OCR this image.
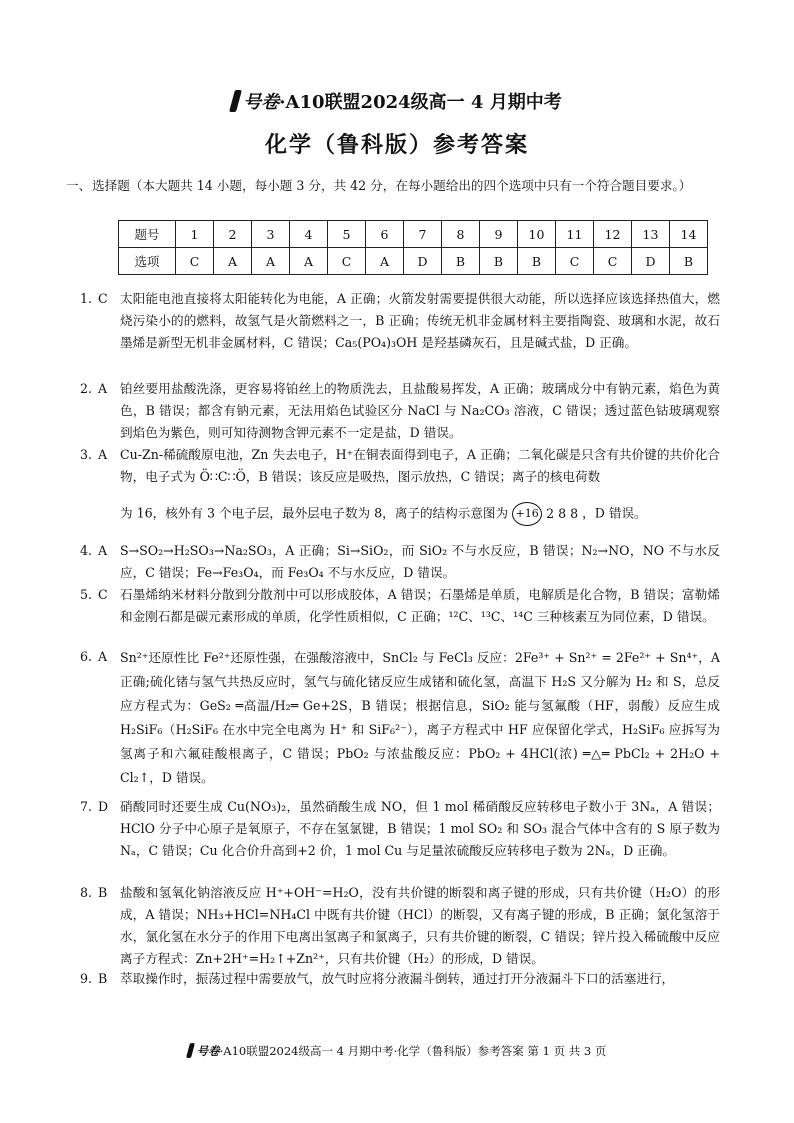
号卷·A10联盟2024级高一 4 月期中考
化学（鲁科版）参考答案
一、 选择题（本大题共 14 小题，每小题 3 分，共 42 分，在每小题给出的四个选项中只有一个符合题目要求。）
题号	1	2	3	4	5	6	7	8	9	10	11	12	13	14
选项	C	A	A	A	C	A	D	B	B	B	C	C	D	B
1. C 太阳能电池直接将太阳能转化为电能，A 正确；火箭发射需要提供很大动能，所以选择应该选择热值大，燃烧污染小的的燃料，故氢气是火箭燃料之一，B 正确；传统无机非金属材料主要指陶瓷、玻璃和水泥，故石墨烯是新型无机非金属材料，C 错误；Ca₅(PO₄)₃OH 是羟基磷灰石，且是碱式盐，D 正确。
2. A 铂丝要用盐酸洗涤，更容易将铂丝上的物质洗去，且盐酸易挥发，A 正确；玻璃成分中有钠元素，焰色为黄色，B 错误；都含有钠元素，无法用焰色试验区分 NaCl 与 Na₂CO₃ 溶液，C 错误；透过蓝色钴玻璃观察到焰色为紫色，则可知待测物含钾元素不一定是盐，D 错误。
3. A Cu-Zn-稀硫酸原电池，Zn 失去电子，H⁺在铜表面得到电子，A 正确；二氧化碳是只含有共价键的共价化合物，电子式为 Ö∷C∷Ö，B 错误；该反应是吸热，图示放热，C 错误；离子的核电荷数
为 16，核外有 3 个电子层，最外层电子数为 8，离子的结构示意图为 +16
2 8 8 ，D 错误。
4. A S→SO₂→H₂SO₃→Na₂SO₃，A 正确；Si→SiO₂，而 SiO₂ 不与水反应，B 错误；N₂→NO，NO 不与水反应，C 错误；Fe→Fe₃O₄，而 Fe₃O₄ 不与水反应，D 错误。
5. C 石墨烯纳米材料分散到分散剂中可以形成胶体，A 错误；石墨烯是单质，电解质是化合物，B 错误；富勒烯和金刚石都是碳元素形成的单质，化学性质相似，C 正确；¹²C、¹³C、¹⁴C 三种核素互为同位素，D 错误。
6. A Sn²⁺还原性比 Fe²⁺还原性强，在强酸溶液中，SnCl₂ 与 FeCl₃ 反应：2Fe³⁺ + Sn²⁺ = 2Fe²⁺ + Sn⁴⁺，A 正确;硫化锗与氢气共热反应时，氢气与硫化锗反应生成锗和硫化氢，高温下 H₂S 又分解为 H₂ 和 S，总反应方程式为：GeS₂ ═高温/H₂═ Ge+2S，B 错误；根据信息，SiO₂ 能与氢氟酸（HF，弱酸）反应生成 H₂SiF₆（H₂SiF₆ 在水中完全电离为 H⁺ 和 SiF₆²⁻），离子方程式中 HF 应保留化学式，H₂SiF₆ 应拆写为氢离子和六氟硅酸根离子，C 错误；PbO₂ 与浓盐酸反应：PbO₂ + 4HCl(浓) ═△═ PbCl₂ + 2H₂O + Cl₂↑，D 错误。
7. D 硝酸同时还要生成 Cu(NO₃)₂，虽然硝酸生成 NO，但 1 mol 稀硝酸反应转移电子数小于 3Nₐ，A 错误；HClO 分子中心原子是氧原子，不存在氢氯键，B 错误；1 mol SO₂ 和 SO₃ 混合气体中含有的 S 原子数为 Nₐ，C 错误；Cu 化合价升高到+2 价，1 mol Cu 与足量浓硫酸反应转移电子数为 2Nₐ，D 正确。
8. B 盐酸和氢氧化钠溶液反应 H⁺+OH⁻=H₂O，没有共价键的断裂和离子键的形成，只有共价键（H₂O）的形成，A 错误；NH₃+HCl=NH₄Cl 中既有共价键（HCl）的断裂，又有离子键的形成，B 正确；氯化氢溶于水，氯化氢在水分子的作用下电离出氢离子和氯离子，只有共价键的断裂，C 错误；锌片投入稀硫酸中反应离子方程式：Zn+2H⁺=H₂↑+Zn²⁺，只有共价键（H₂）的形成，D 错误。
9. B 萃取操作时，振荡过程中需要放气，放气时应将分液漏斗倒转，通过打开分液漏斗下口的活塞进行，
号卷·A10联盟2024级高一 4 月期中考·化学（鲁科版）参考答案 第 1 页 共 3 页
